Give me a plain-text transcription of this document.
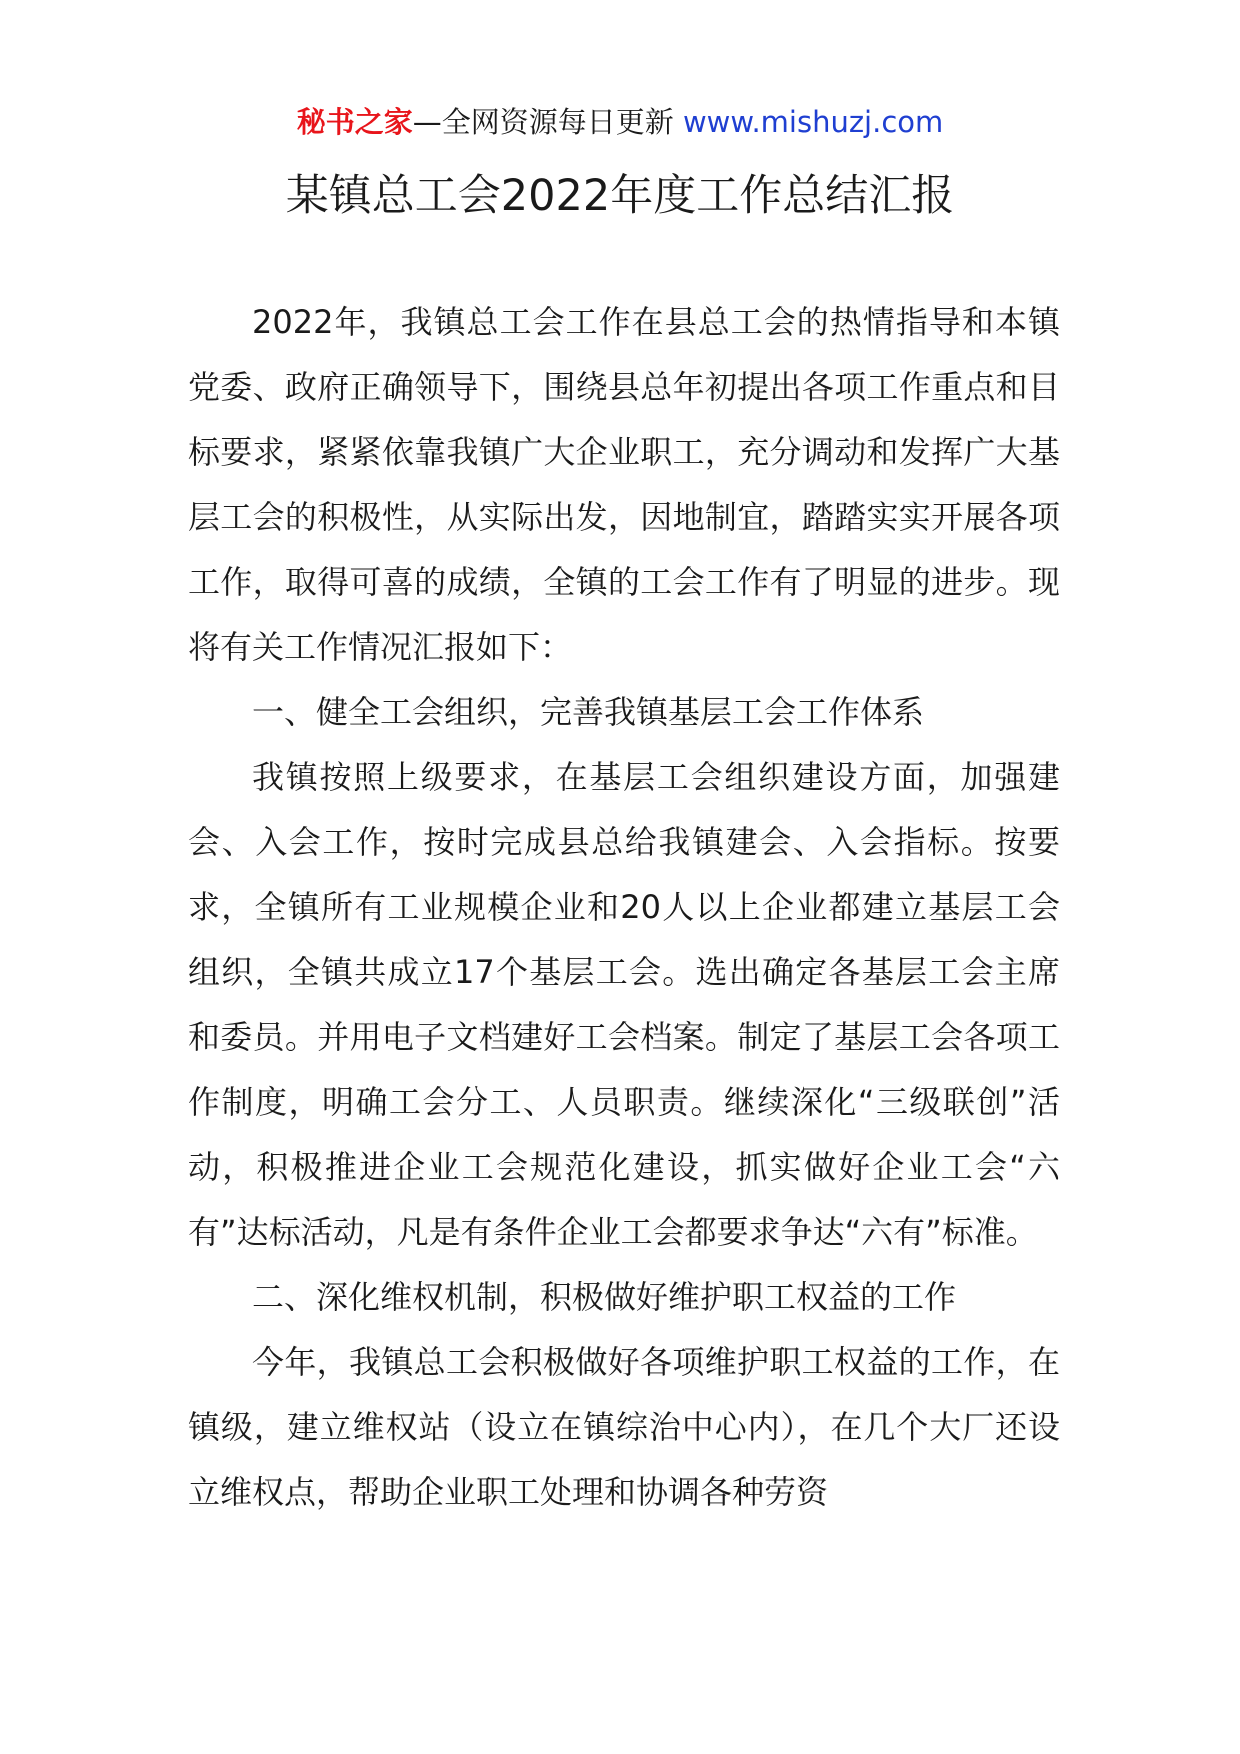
秘书之家—全网资源每日更新 www.mishuzj.com
某镇总工会2022年度工作总结汇报

2022年，我镇总工会工作在县总工会的热情指导和本镇党委、政府正确领导下，围绕县总年初提出各项工作重点和目标要求，紧紧依靠我镇广大企业职工，充分调动和发挥广大基层工会的积极性，从实际出发，因地制宜，踏踏实实开展各项工作，取得可喜的成绩，全镇的工会工作有了明显的进步。现将有关工作情况汇报如下：

一、健全工会组织，完善我镇基层工会工作体系

我镇按照上级要求，在基层工会组织建设方面，加强建会、入会工作，按时完成县总给我镇建会、入会指标。按要求，全镇所有工业规模企业和20人以上企业都建立基层工会组织，全镇共成立17个基层工会。选出确定各基层工会主席和委员。并用电子文档建好工会档案。制定了基层工会各项工作制度，明确工会分工、人员职责。继续深化“三级联创”活动，积极推进企业工会规范化建设，抓实做好企业工会“六有”达标活动，凡是有条件企业工会都要求争达“六有”标准。

二、深化维权机制，积极做好维护职工权益的工作

今年，我镇总工会积极做好各项维护职工权益的工作，在镇级，建立维权站（设立在镇综治中心内），在几个大厂还设立维权点，帮助企业职工处理和协调各种劳资
